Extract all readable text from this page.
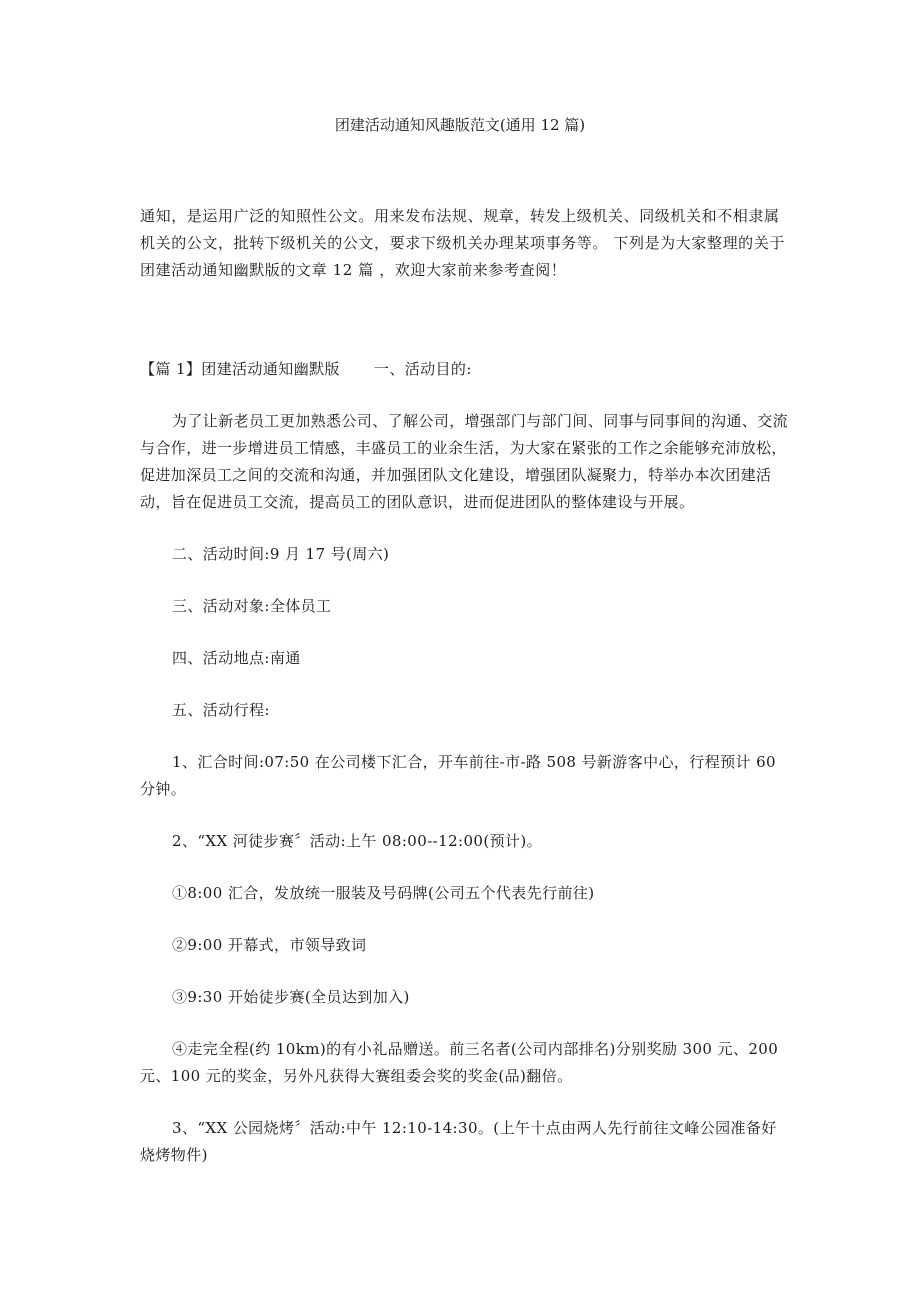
团建活动通知风趣版范文(通用 12 篇)
通知，是运用广泛的知照性公文。用来发布法规、规章，转发上级机关、同级机关和不相隶属机关的公文，批转下级机关的公文，要求下级机关办理某项事务等。 下列是为大家整理的关于团建活动通知幽默版的文章 12 篇 ，欢迎大家前来参考查阅！

【篇 1】团建活动通知幽默版 一、活动目的:

为了让新老员工更加熟悉公司、了解公司，增强部门与部门间、同事与同事间的沟通、交流与合作，进一步增进员工情感，丰盛员工的业余生活，为大家在紧张的工作之余能够充沛放松，促进加深员工之间的交流和沟通，并加强团队文化建设，增强团队凝聚力，特举办本次团建活动，旨在促进员工交流，提高员工的团队意识，进而促进团队的整体建设与开展。

二、活动时间:9 月 17 号(周六)

三、活动对象:全体员工

四、活动地点:南通

五、活动行程:

1、汇合时间:07:50 在公司楼下汇合，开车前往-市-路 508 号新游客中心，行程预计 60 分钟。

2、“XX 河徒步赛〞活动:上午 08:00--12:00(预计)。

①8:00 汇合，发放统一服装及号码牌(公司五个代表先行前往)

②9:00 开幕式，市领导致词

③9:30 开始徒步赛(全员达到加入)

④走完全程(约 10km)的有小礼品赠送。前三名者(公司内部排名)分别奖励 300 元、200 元、100 元的奖金，另外凡获得大赛组委会奖的奖金(品)翻倍。

3、“XX 公园烧烤〞活动:中午 12:10-14:30。(上午十点由两人先行前往文峰公园准备好烧烤物件)
